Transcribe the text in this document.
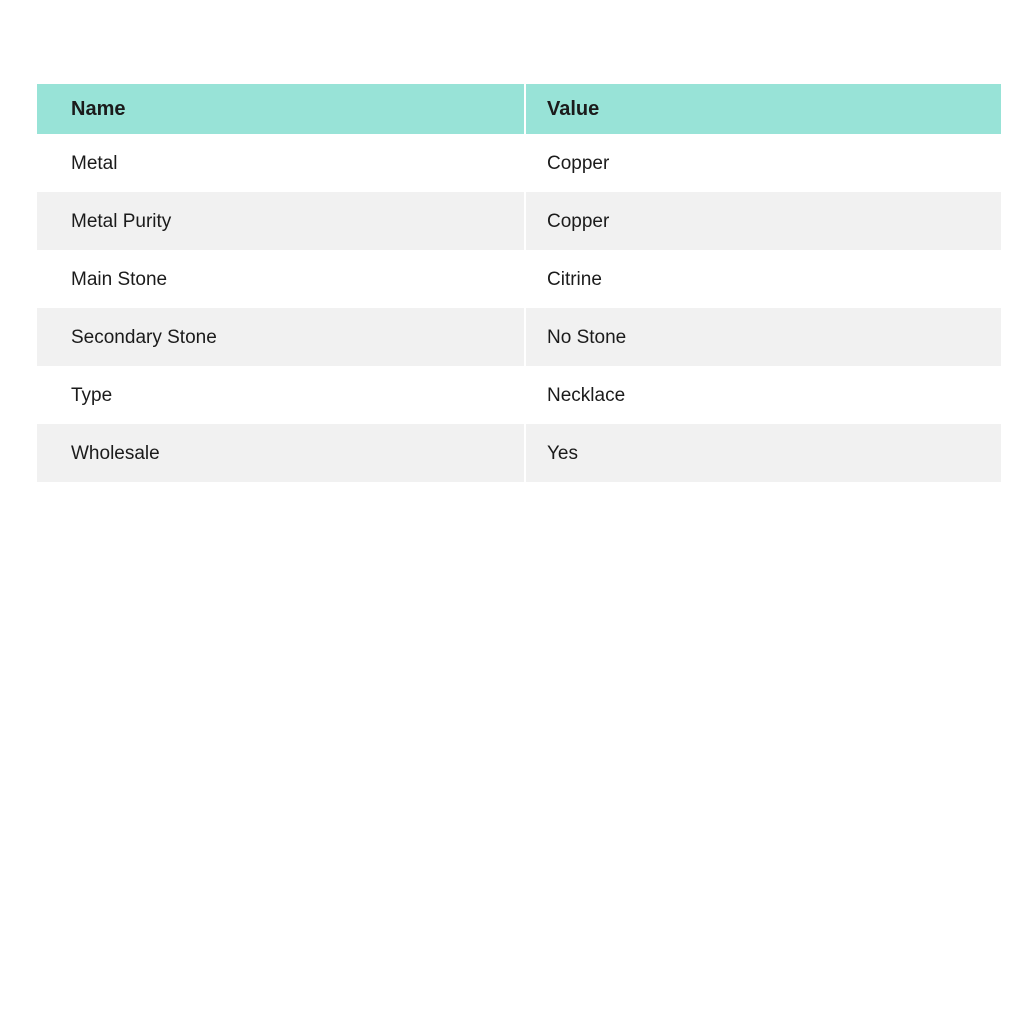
Name	Value
Metal	Copper
Metal Purity	Copper
Main Stone	Citrine
Secondary Stone	No Stone
Type	Necklace
Wholesale	Yes
